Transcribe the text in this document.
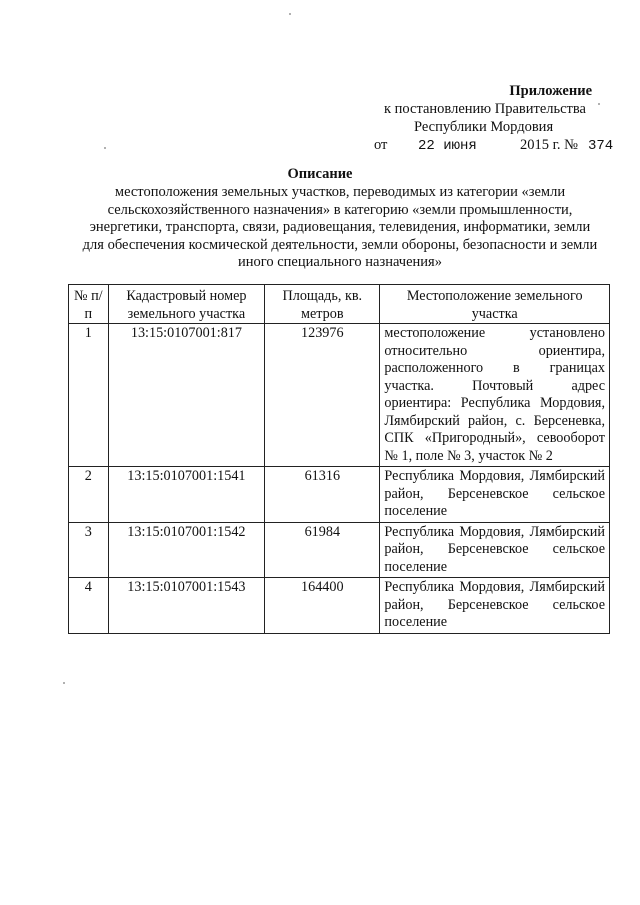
Приложение
к постановлению Правительства
Республики Мордовия
от 22 июня	2015 г. № 374
Описание
местоположения земельных участков, переводимых из категории «земли сельскохозяйственного назначения» в категорию «земли промышленности, энергетики, транспорта, связи, радиовещания, телевидения, информатики, земли для обеспечения космической деятельности, земли обороны, безопасности и земли иного специального назначения»
№ п/п	Кадастровый номер земельного участка	Площадь, кв. метров	Местоположение земельного участка
1	13:15:0107001:817	123976	местоположение установлено относительно ориентира, расположенного в границах участка. Почтовый адрес ориентира: Республика Мордовия, Лямбирский район, с. Берсеневка, СПК «Пригородный», севооборот № 1, поле № 3, участок № 2
2	13:15:0107001:1541	61316	Республика Мордовия, Лямбирский район, Берсеневское сельское поселение
3	13:15:0107001:1542	61984	Республика Мордовия, Лямбирский район, Берсеневское сельское поселение
4	13:15:0107001:1543	164400	Республика Мордовия, Лямбирский район, Берсеневское сельское поселение
